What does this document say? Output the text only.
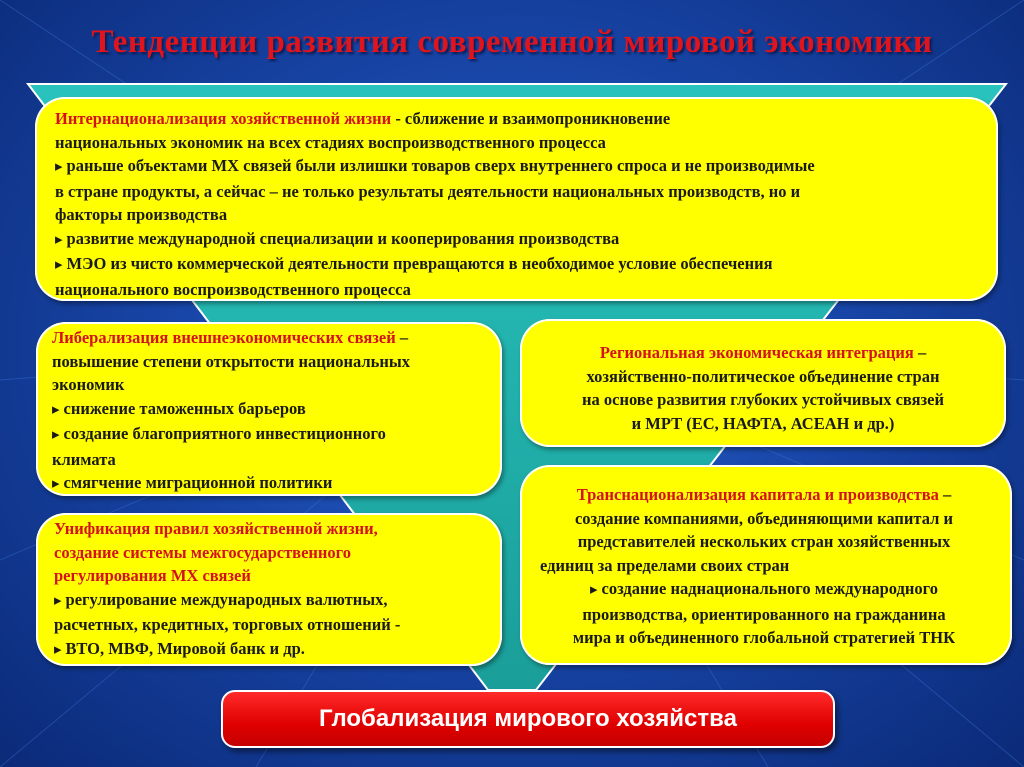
Тенденции развития современной мировой экономики

Интернационализация хозяйственной жизни - сближение и взаимопроникновение

национальных экономик на всех стадиях воспроизводственного процесса

▸ раньше объектами МХ связей были излишки товаров сверх внутреннего спроса и не производимые

в стране продукты, а сейчас – не только результаты деятельности национальных производств, но и

факторы производства

▸ развитие международной специализации и кооперирования производства

▸ МЭО из чисто коммерческой деятельности превращаются в необходимое условие обеспечения

национального воспроизводственного процесса

Либерализация внешнеэкономических связей –

повышение степени открытости национальных

экономик

▸ снижение таможенных барьеров

▸ создание благоприятного инвестиционного

климата

▸ смягчение миграционной политики

Региональная экономическая интеграция –

хозяйственно-политическое объединение стран

на основе развития глубоких устойчивых связей

и МРТ (ЕС, НАФТА, АСЕАН и др.)

Унификация правил хозяйственной жизни,

создание системы межгосударственного

регулирования МХ связей

▸ регулирование международных валютных,

расчетных, кредитных, торговых отношений -

▸ ВТО, МВФ, Мировой банк и др.

Транснационализация капитала и производства –

создание компаниями, объединяющими капитал и

представителей нескольких стран хозяйственных

единиц за пределами своих стран

▸ создание наднационального международного

производства, ориентированного на гражданина

мира и объединенного глобальной стратегией ТНК

Глобализация мирового хозяйства
